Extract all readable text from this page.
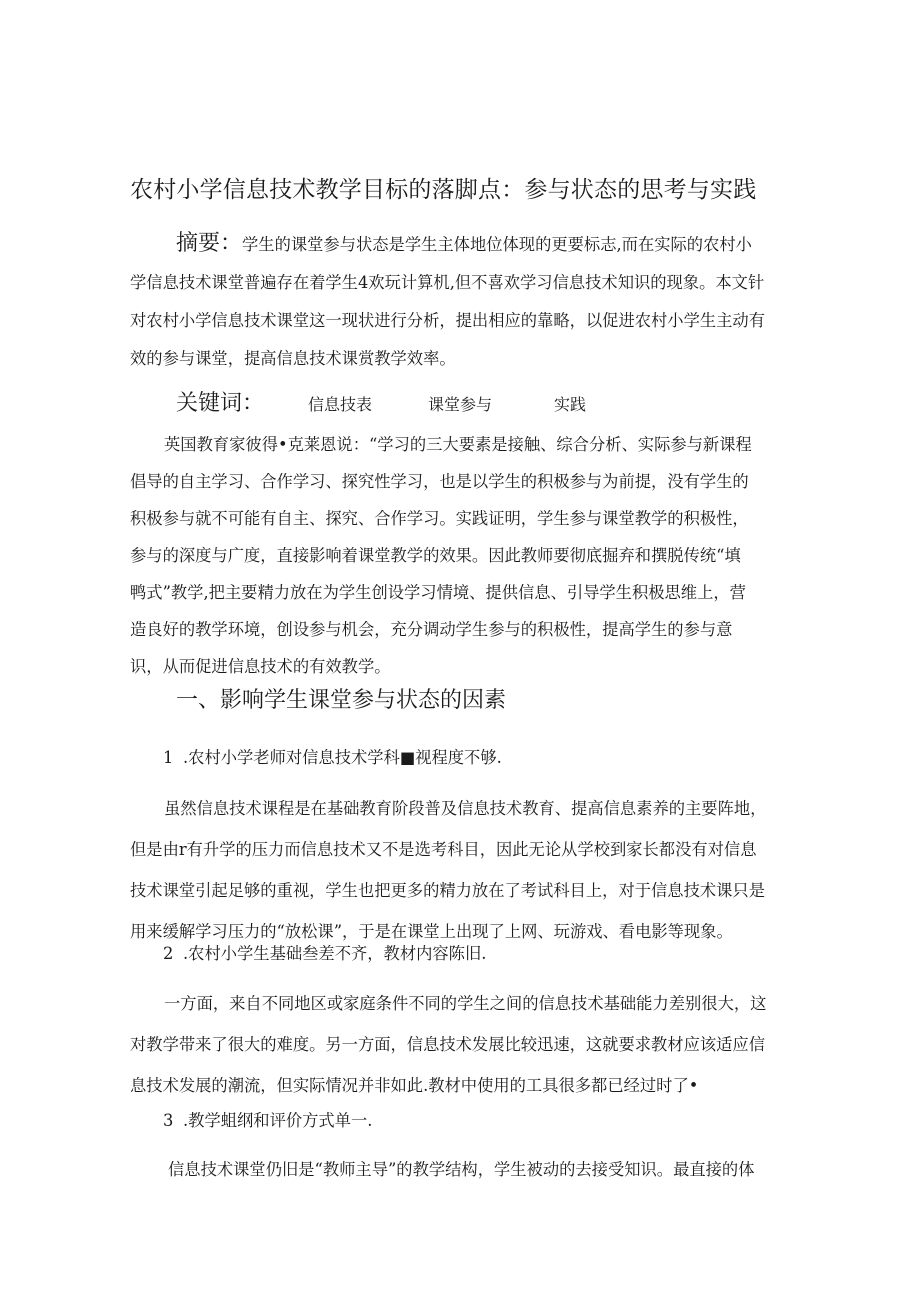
农村小学信息技术教学目标的落脚点：参与状态的思考与实践
摘要：学生的课堂参与状态是学生主体地位体现的更要标志,而在实际的农村小
学信息技术课堂普遍存在着学生4欢玩计算机,但不喜欢学习信息技术知识的现象。本文针
对农村小学信息技术课堂这一现状进行分析，提出相应的靠略，以促进农村小学生主动有
效的参与课堂，提高信息技术课赏教学效率。
关键词：	信息技表	课堂参与	实践
英国教育家彼得•克莱恩说：“学习的三大要素是接触、综合分析、实际参与新课程
倡导的自主学习、合作学习、探究性学习，也是以学生的积极参与为前提，没有学生的
积极参与就不可能有自主、探究、合作学习。实践证明，学生参与课堂教学的积极性，
参与的深度与广度，直接影响着课堂教学的效果。因此教师要彻底掘弃和撰脱传统“填
鸭式”教学,把主要精力放在为学生创设学习情境、提供信息、引导学生积极思维上，营
造良好的教学环境，创设参与机会，充分调动学生参与的积极性，提高学生的参与意
识，从而促进信息技术的有效教学。
一、影响学生课堂参与状态的因素
1 .农村小学老师对信息技术学科■视程度不够.
虽然信息技术课程是在基础教育阶段普及信息技术教育、提高信息素养的主要阵地，
但是由r有升学的压力而信息技术又不是选考科目，因此无论从学校到家长都没有对信息
技术课堂引起足够的重视，学生也把更多的精力放在了考试科目上，对于信息技术课只是
用来缓解学习压力的“放松课”，于是在课堂上出现了上网、玩游戏、看电影等现象。
2 .农村小学生基础叁差不齐，教材内容陈旧.
一方面，来自不同地区或家庭条件不同的学生之间的信息技术基础能力差别很大，这
对教学带来了很大的难度。另一方面，信息技术发展比较迅速，这就要求教材应该适应信
息技术发展的潮流，但实际情况并非如此.教材中使用的工具很多都已经过时了•
3 .教学蛆纲和评价方式单一.
信息技术课堂仍旧是“教师主导”的教学结构，学生被动的去接受知识。最直接的体
